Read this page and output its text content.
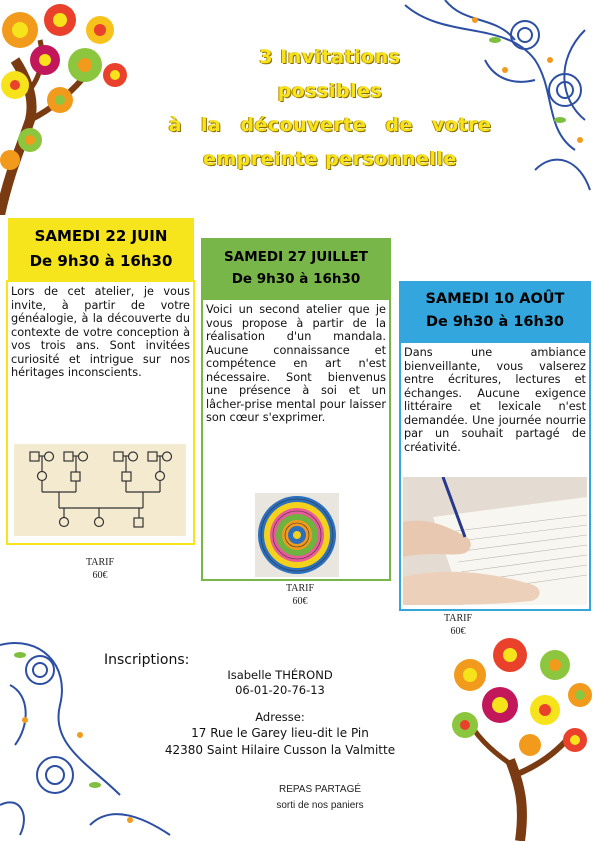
3 Invitations
possibles
à la découverte de votre
empreinte personnelle
SAMEDI 22 JUIN
De 9h30 à 16h30
Lors de cet atelier, je vous invite, à partir de votre généalogie, à la découverte du contexte de votre conception à vos trois ans. Sont invitées curiosité et intrigue sur nos héritages inconscients.
TARIF
60€
SAMEDI 27 JUILLET
De 9h30 à 16h30
Voici un second atelier que je vous propose à partir de la réalisation d'un mandala. Aucune connaissance et compétence en art n'est nécessaire. Sont bienvenus une présence à soi et un lâcher-prise mental pour laisser son cœur s'exprimer.
TARIF
60€
SAMEDI 10 AOÛT
De 9h30 à 16h30
Dans une ambiance bienveillante, vous valserez entre écritures, lectures et échanges. Aucune exigence littéraire et lexicale n'est demandée. Une journée nourrie par un souhait partagé de créativité.
TARIF
60€
Inscriptions:
Isabelle THÉROND
06-01-20-76-13
Adresse:
17 Rue le Garey lieu-dit le Pin
42380 Saint Hilaire Cusson la Valmitte
REPAS PARTAGÉ
sorti de nos paniers
